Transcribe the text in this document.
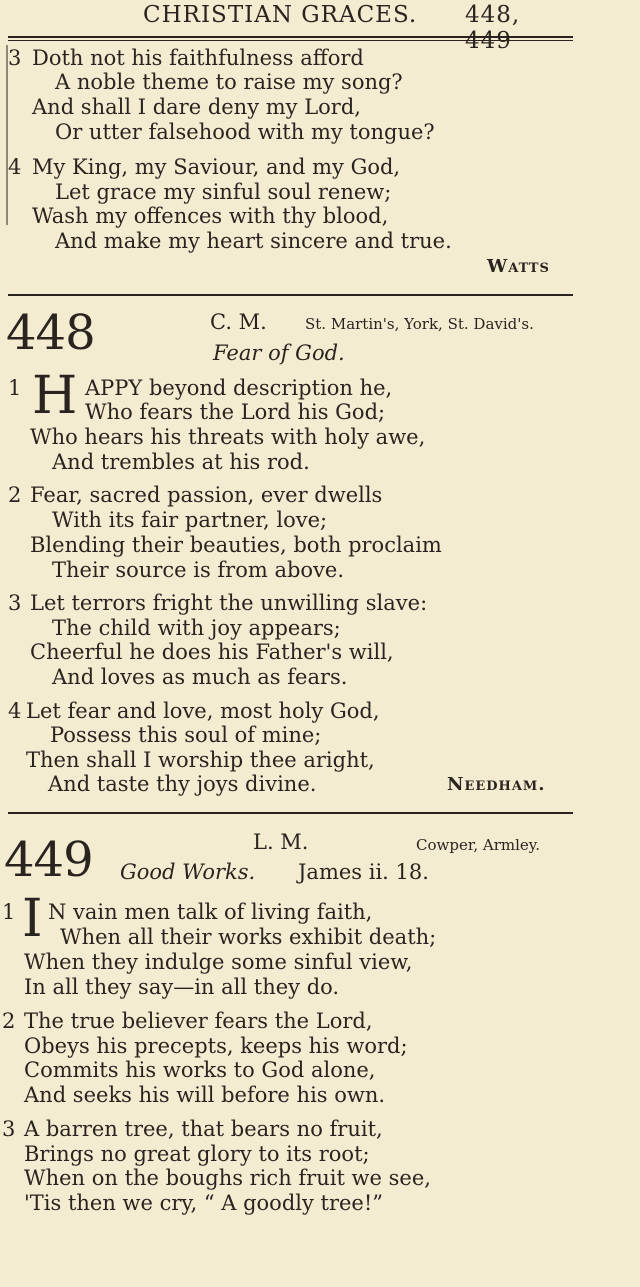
CHRISTIAN GRACES. 448, 449
3 Doth not his faithfulness afford
A noble theme to raise my song?
And shall I dare deny my Lord,
Or utter falsehood with my tongue?
4 My King, my Saviour, and my God,
Let grace my sinful soul renew;
Wash my offences with thy blood,
And make my heart sincere and true.
Watts
448	C. M.	St. Martin's, York, St. David's.
Fear of God.
1 H APPY beyond description he,
Who fears the Lord his God;
Who hears his threats with holy awe,
And trembles at his rod.
2 Fear, sacred passion, ever dwells
With its fair partner, love;
Blending their beauties, both proclaim
Their source is from above.
3 Let terrors fright the unwilling slave:
The child with joy appears;
Cheerful he does his Father's will,
And loves as much as fears.
4 Let fear and love, most holy God,
Possess this soul of mine;
Then shall I worship thee aright,
And taste thy joys divine.	Needham.
449	L. M.	Cowper, Armley.
Good Works. James ii. 18.
1 I N vain men talk of living faith,
When all their works exhibit death;
When they indulge some sinful view,
In all they say—in all they do.
2 The true believer fears the Lord,
Obeys his precepts, keeps his word;
Commits his works to God alone,
And seeks his will before his own.
3 A barren tree, that bears no fruit,
Brings no great glory to its root;
When on the boughs rich fruit we see,
'Tis then we cry, “ A goodly tree!”
